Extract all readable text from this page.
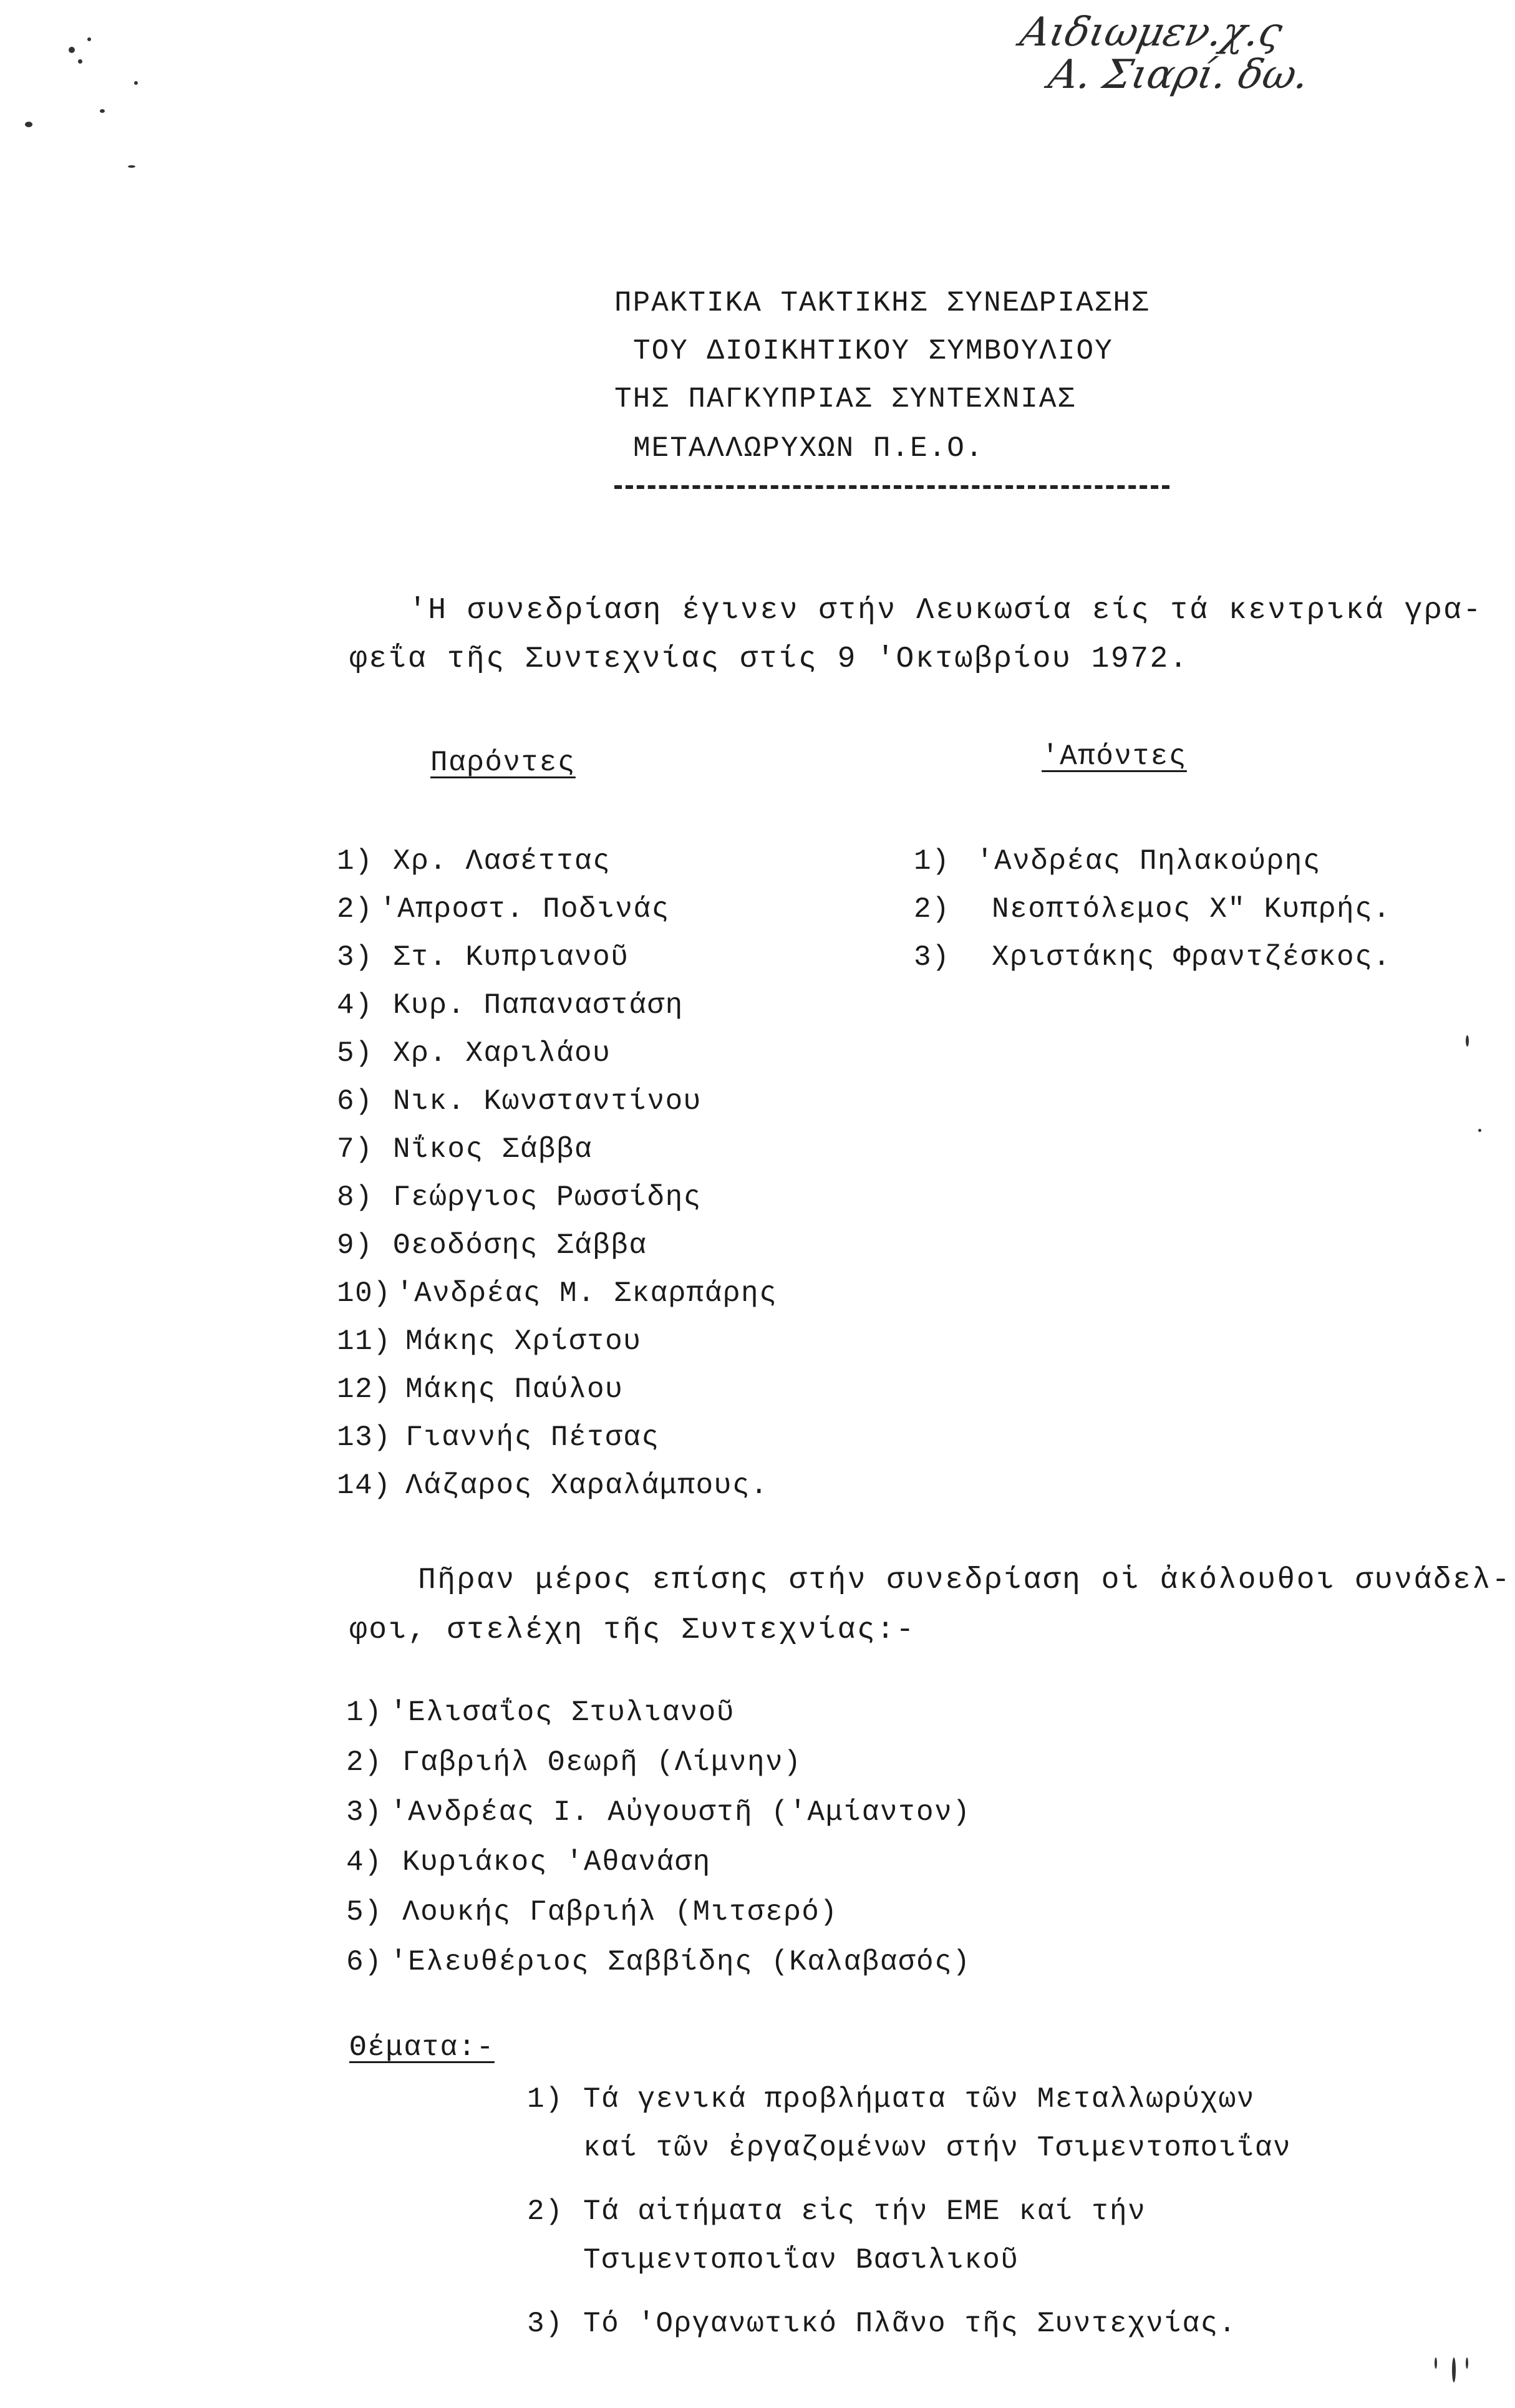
Αιδιωμεν.χ.ς
Α. Σιαρί. δω.
ΠΡΑΚΤΙΚΑ ΤΑΚΤΙΚΗΣ ΣΥΝΕΔΡΙΑΣΗΣ
ΤΟΥ ΔΙΟΙΚΗΤΙΚΟΥ ΣΥΜΒΟΥΛΙΟΥ
ΤΗΣ ΠΑΓΚΥΠΡΙΑΣ ΣΥΝΤΕΧΝΙΑΣ
ΜΕΤΑΛΛΩΡΥΧΩΝ Π.Ε.Ο.
'Η συνεδρίαση έγινεν στήν Λευκωσία είς τά κεντρικά γρα-
φεΐα τῆς Συντεχνίας στίς 9 'Οκτωβρίου 1972.
Παρόντες	'Απόντες
1) Χρ. Λασέττας
2) 'Απροστ. Ποδινάς
3) Στ. Κυπριανοῦ
4) Κυρ. Παπαναστάση
5) Χρ. Χαριλάου
6) Νικ. Κωνσταντίνου
7) Νΐκος Σάββα
8) Γεώργιος Ρωσσίδης
9) Θεοδόσης Σάββα
10) 'Ανδρέας Μ. Σκαρπάρης
11) Μάκης Χρίστου
12) Μάκης Παύλου
13) Γιαννής Πέτσας
14) Λάζαρος Χαραλάμπους.
1) 'Ανδρέας Πηλακούρης
2) Νεοπτόλεμος Χ" Κυπρής.
3) Χριστάκης Φραντζέσκος.
Πῆραν μέρος επίσης στήν συνεδρίαση οἱ ἀκόλουθοι συνάδελ-
φοι, στελέχη τῆς Συντεχνίας:-
1) 'Ελισαΐος Στυλιανοῦ
2) Γαβριήλ Θεωρῆ (Λίμνην)
3) 'Ανδρέας Ι. Αὐγουστῆ ('Αμίαντον)
4) Κυριάκος 'Αθανάση
5) Λουκής Γαβριήλ (Μιτσερό)
6) 'Ελευθέριος Σαββίδης (Καλαβασός)
Θέματα:-
1) Τά γενικά προβλήματα τῶν Μεταλλωρύχων
καί τῶν ἐργαζομένων στήν Τσιμεντοποιΐαν
2) Τά αἰτήματα εἰς τήν ΕΜΕ καί τήν
Τσιμεντοποιΐαν Βασιλικοῦ
3) Τό 'Οργανωτικό Πλᾶνο τῆς Συντεχνίας.
